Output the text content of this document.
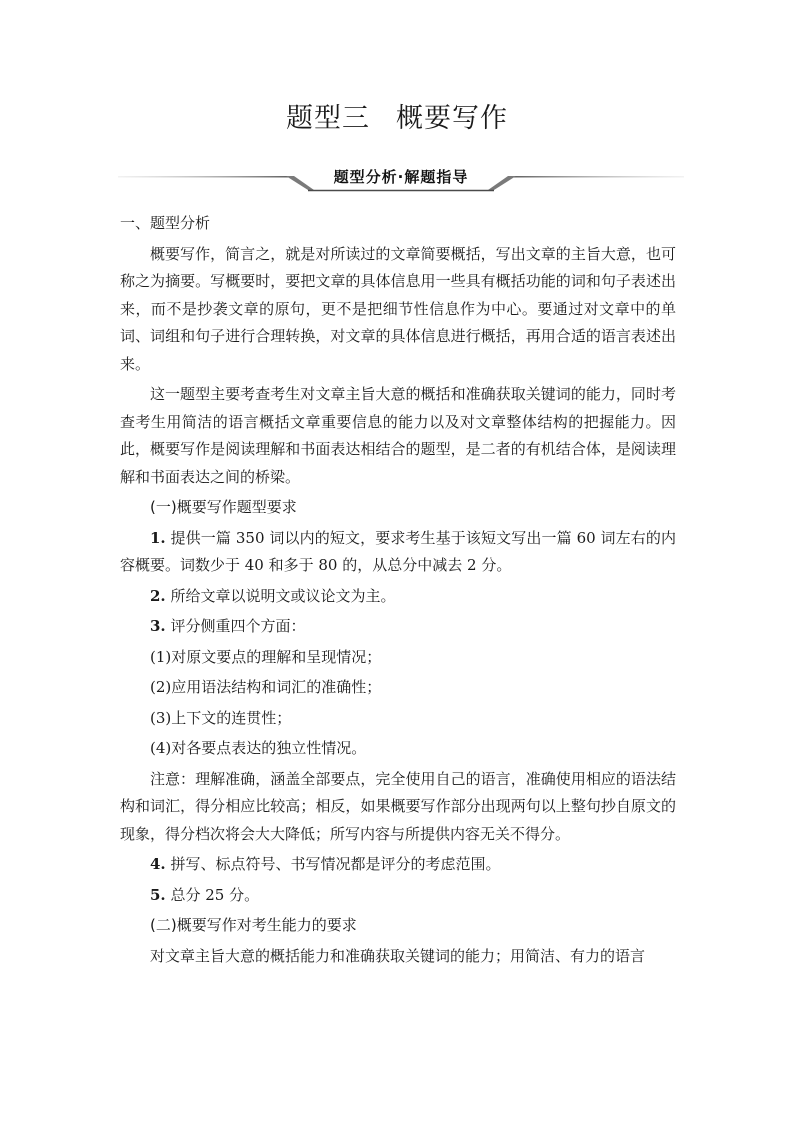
题型三 概要写作
题型分析·解题指导

一、题型分析

概要写作，简言之，就是对所读过的文章简要概括，写出文章的主旨大意，也可称之为摘要。写概要时，要把文章的具体信息用一些具有概括功能的词和句子表述出来，而不是抄袭文章的原句，更不是把细节性信息作为中心。要通过对文章中的单词、词组和句子进行合理转换，对文章的具体信息进行概括，再用合适的语言表述出来。

这一题型主要考查考生对文章主旨大意的概括和准确获取关键词的能力，同时考查考生用简洁的语言概括文章重要信息的能力以及对文章整体结构的把握能力。因此，概要写作是阅读理解和书面表达相结合的题型，是二者的有机结合体，是阅读理解和书面表达之间的桥梁。

(一)概要写作题型要求

1. 提供一篇 350 词以内的短文，要求考生基于该短文写出一篇 60 词左右的内容概要。词数少于 40 和多于 80 的，从总分中减去 2 分。

2. 所给文章以说明文或议论文为主。

3. 评分侧重四个方面：

(1)对原文要点的理解和呈现情况；

(2)应用语法结构和词汇的准确性；

(3)上下文的连贯性；

(4)对各要点表达的独立性情况。

注意：理解准确，涵盖全部要点，完全使用自己的语言，准确使用相应的语法结构和词汇，得分相应比较高；相反，如果概要写作部分出现两句以上整句抄自原文的现象，得分档次将会大大降低；所写内容与所提供内容无关不得分。

4. 拼写、标点符号、书写情况都是评分的考虑范围。

5. 总分 25 分。

(二)概要写作对考生能力的要求

对文章主旨大意的概括能力和准确获取关键词的能力；用简洁、有力的语言
